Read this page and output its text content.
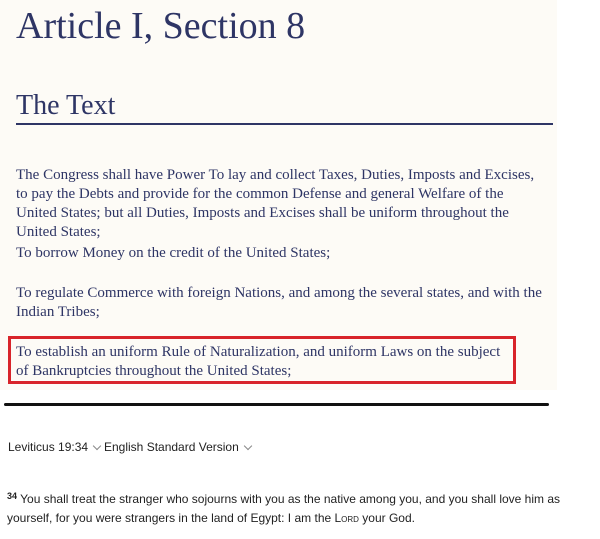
Article I, Section 8
The Text

The Congress shall have Power To lay and collect Taxes, Duties, Imposts and Excises, to pay the Debts and provide for the common Defense and general Welfare of the United States; but all Duties, Imposts and Excises shall be uniform throughout the United States;

To borrow Money on the credit of the United States;

To regulate Commerce with foreign Nations, and among the several states, and with the Indian Tribes;

To establish an uniform Rule of Naturalization, and uniform Laws on the subject of Bankruptcies throughout the United States;

Leviticus 19:34	English Standard Version

$^{34}$ You shall treat the stranger who sojourns with you as the native among you, and you shall love him as yourself, for you were strangers in the land of Egypt: I am the Lord your God.
